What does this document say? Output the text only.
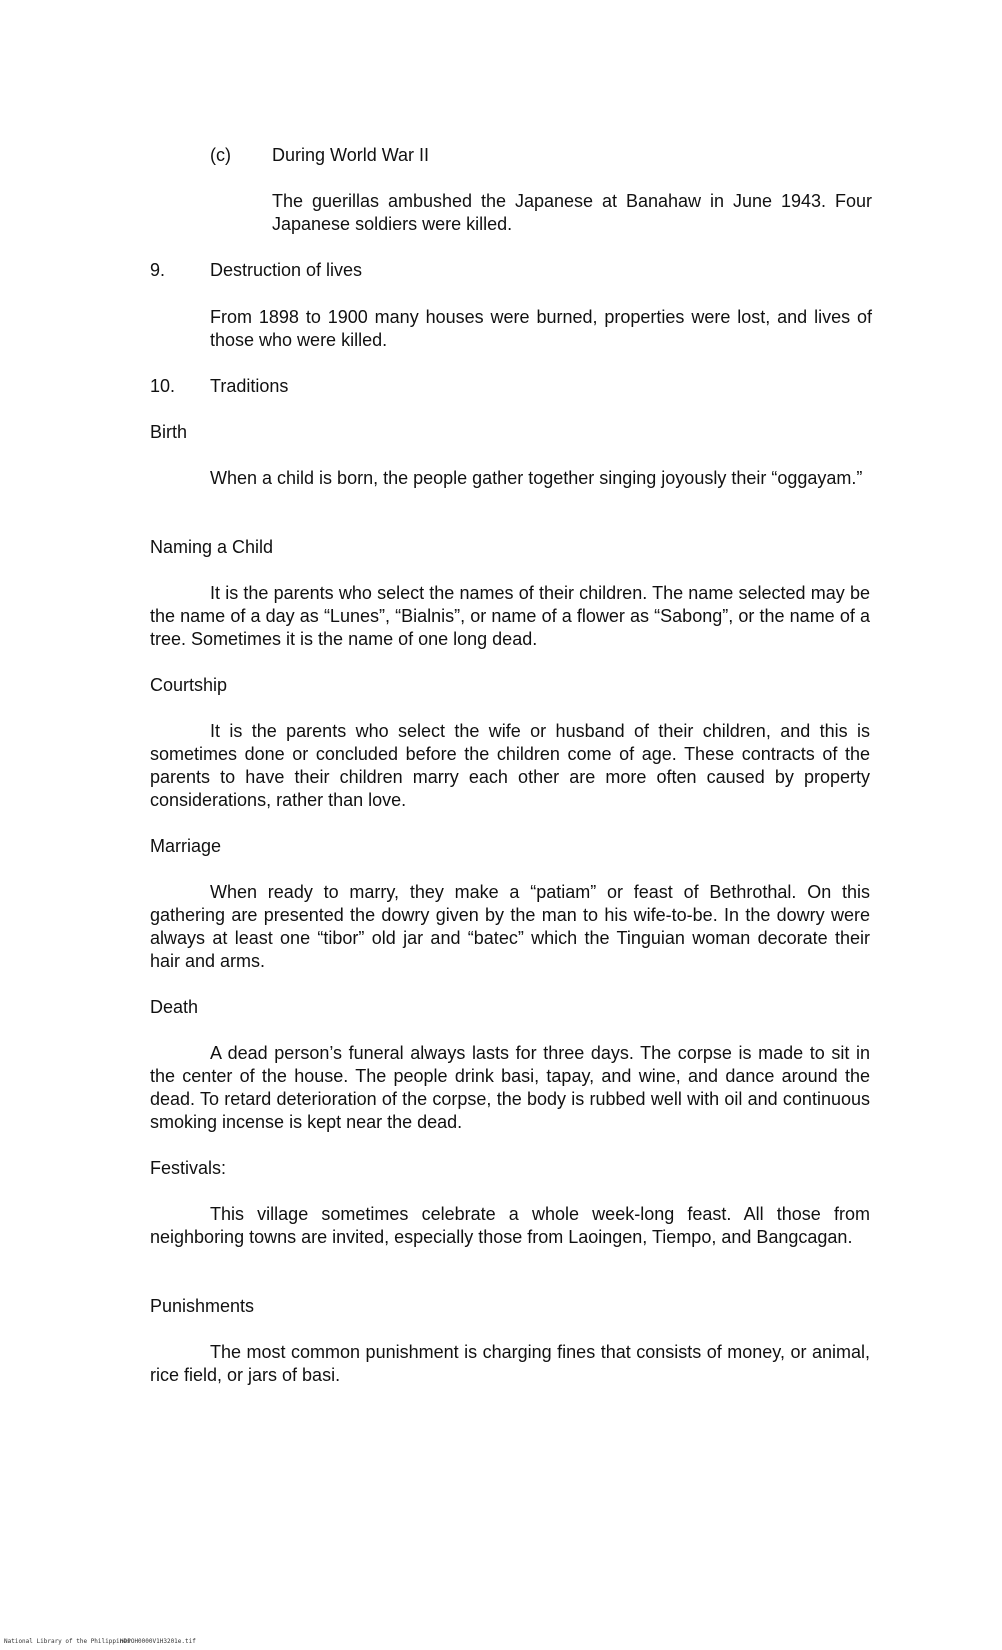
(c) During World War II
The guerillas ambushed the Japanese at Banahaw in June 1943. Four Japanese soldiers were killed.
9. Destruction of lives
From 1898 to 1900 many houses were burned, properties were lost, and lives of those who were killed.
10. Traditions
Birth
When a child is born, the people gather together singing joyously their “oggayam.”
Naming a Child
It is the parents who select the names of their children. The name selected may be the name of a day as “Lunes”, “Bialnis”, or name of a flower as “Sabong”, or the name of a tree. Sometimes it is the name of one long dead.
Courtship
It is the parents who select the wife or husband of their children, and this is sometimes done or concluded before the children come of age. These contracts of the parents to have their children marry each other are more often caused by property considerations, rather than love.
Marriage
When ready to marry, they make a “patiam” or feast of Bethrothal. On this gathering are presented the dowry given by the man to his wife-to-be. In the dowry were always at least one “tibor” old jar and “batec” which the Tinguian woman decorate their hair and arms.
Death
A dead person’s funeral always lasts for three days. The corpse is made to sit in the center of the house. The people drink basi, tapay, and wine, and dance around the dead. To retard deterioration of the corpse, the body is rubbed well with oil and continuous smoking incense is kept near the dead.
Festivals:
This village sometimes celebrate a whole week-long feast. All those from neighboring towns are invited, especially those from Laoingen, Tiempo, and Bangcagan.
Punishments
The most common punishment is charging fines that consists of money, or animal, rice field, or jars of basi.
National Library of the Philippines
HDPOH0000V1H3201e.tif
